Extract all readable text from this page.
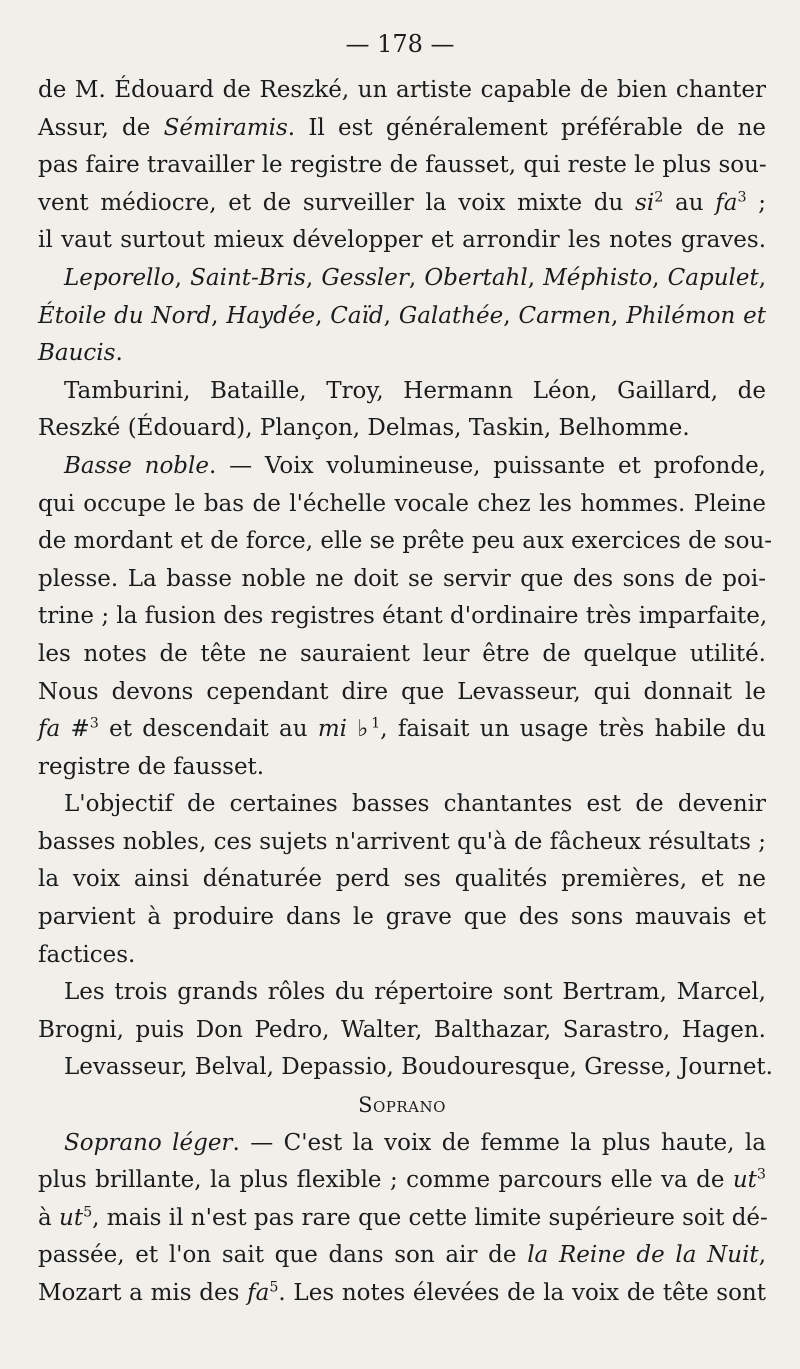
— 178 —
de M. Édouard de Reszké, un artiste capable de bien chanter
Assur, de Sémiramis. Il est généralement préférable de ne
pas faire travailler le registre de fausset, qui reste le plus sou-
vent médiocre, et de surveiller la voix mixte du $si^2$ au $fa^3$ ;
il vaut surtout mieux développer et arrondir les notes graves.
Leporello, Saint-Bris, Gessler, Obertahl, Méphisto, Capulet,
Étoile du Nord, Haydée, Caïd, Galathée, Carmen, Philémon et
Baucis.
Tamburini, Bataille, Troy, Hermann Léon, Gaillard, de
Reszké (Édouard), Plançon, Delmas, Taskin, Belhomme.
Basse noble. — Voix volumineuse, puissante et profonde,
qui occupe le bas de l'échelle vocale chez les hommes. Pleine
de mordant et de force, elle se prête peu aux exercices de sou-
plesse. La basse noble ne doit se servir que des sons de poi-
trine ; la fusion des registres étant d'ordinaire très imparfaite,
les notes de tête ne sauraient leur être de quelque utilité.
Nous devons cependant dire que Levasseur, qui donnait le
fa #$^3$ et descendait au mi ♭$^1$, faisait un usage très habile du
registre de fausset.
L'objectif de certaines basses chantantes est de devenir
basses nobles, ces sujets n'arrivent qu'à de fâcheux résultats ;
la voix ainsi dénaturée perd ses qualités premières, et ne
parvient à produire dans le grave que des sons mauvais et
factices.
Les trois grands rôles du répertoire sont Bertram, Marcel,
Brogni, puis Don Pedro, Walter, Balthazar, Sarastro, Hagen.
Levasseur, Belval, Depassio, Boudouresque, Gresse, Journet.
Soprano
Soprano léger. — C'est la voix de femme la plus haute, la
plus brillante, la plus flexible ; comme parcours elle va de $ut^3$
à $ut^5$, mais il n'est pas rare que cette limite supérieure soit dé-
passée, et l'on sait que dans son air de la Reine de la Nuit,
Mozart a mis des $fa^5$. Les notes élevées de la voix de tête sont
